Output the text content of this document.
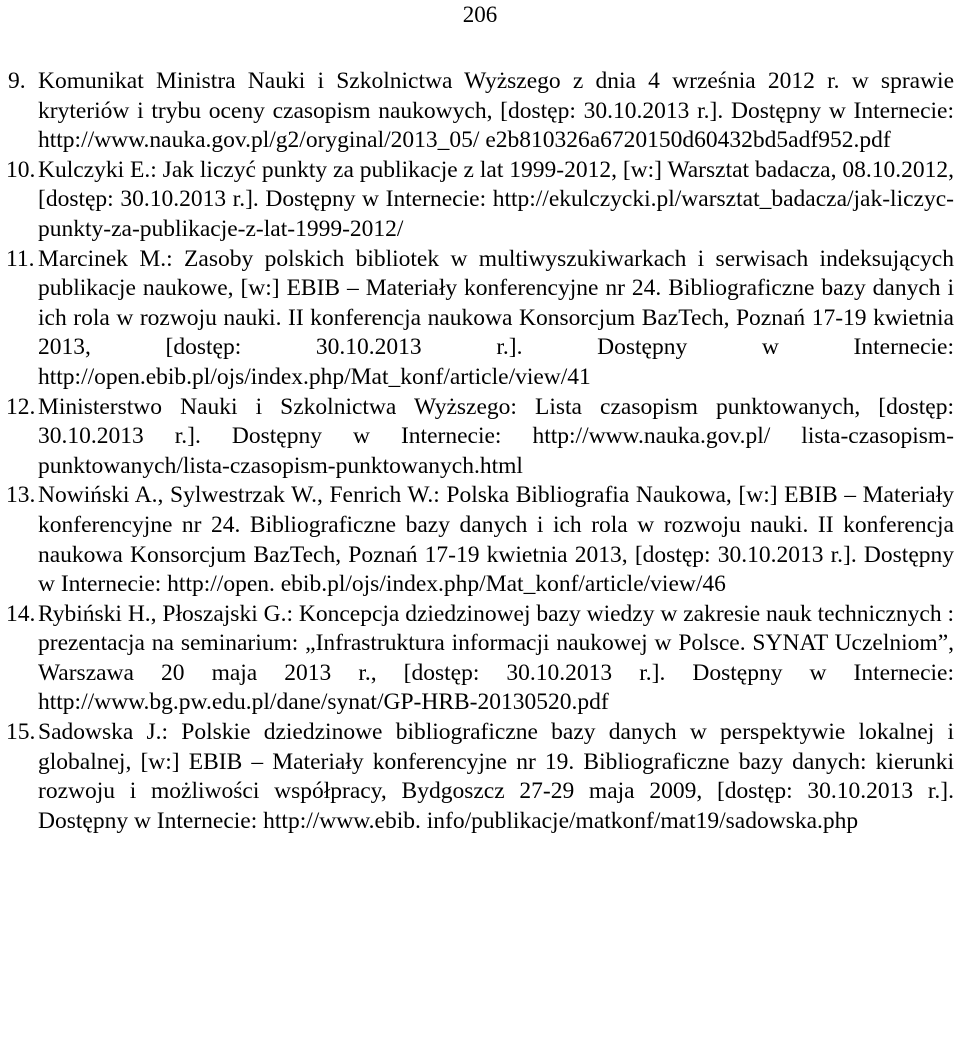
206
9. Komunikat Ministra Nauki i Szkolnictwa Wyższego z dnia 4 września 2012 r. w sprawie kryteriów i trybu oceny czasopism naukowych, [dostęp: 30.10.2013 r.]. Dostępny w Internecie: http://www.nauka.gov.pl/g2/oryginal/2013_05/ e2b810326a6720150d60432bd5adf952.pdf
10. Kulczyki E.: Jak liczyć punkty za publikacje z lat 1999-2012, [w:] Warsztat badacza, 08.10.2012, [dostęp: 30.10.2013 r.]. Dostępny w Internecie: http://ekulczycki.pl/warsztat_badacza/jak-liczyc-punkty-za-publikacje-z-lat-1999-2012/
11. Marcinek M.: Zasoby polskich bibliotek w multiwyszukiwarkach i serwisach indeksujących publikacje naukowe, [w:] EBIB – Materiały konferencyjne nr 24. Bibliograficzne bazy danych i ich rola w rozwoju nauki. II konferencja naukowa Konsorcjum BazTech, Poznań 17-19 kwietnia 2013, [dostęp: 30.10.2013 r.]. Dostępny w Internecie: http://open.ebib.pl/ojs/index.php/Mat_konf/article/view/41
12. Ministerstwo Nauki i Szkolnictwa Wyższego: Lista czasopism punktowanych, [dostęp: 30.10.2013 r.]. Dostępny w Internecie: http://www.nauka.gov.pl/ lista-czasopism-punktowanych/lista-czasopism-punktowanych.html
13. Nowiński A., Sylwestrzak W., Fenrich W.: Polska Bibliografia Naukowa, [w:] EBIB – Materiały konferencyjne nr 24. Bibliograficzne bazy danych i ich rola w rozwoju nauki. II konferencja naukowa Konsorcjum BazTech, Poznań 17-19 kwietnia 2013, [dostęp: 30.10.2013 r.]. Dostępny w Internecie: http://open. ebib.pl/ojs/index.php/Mat_konf/article/view/46
14. Rybiński H., Płoszajski G.: Koncepcja dziedzinowej bazy wiedzy w zakresie nauk technicznych : prezentacja na seminarium: „Infrastruktura informacji naukowej w Polsce. SYNAT Uczelniom”, Warszawa 20 maja 2013 r., [dostęp: 30.10.2013 r.]. Dostępny w Internecie: http://www.bg.pw.edu.pl/dane/synat/GP-HRB-20130520.pdf
15. Sadowska J.: Polskie dziedzinowe bibliograficzne bazy danych w perspektywie lokalnej i globalnej, [w:] EBIB – Materiały konferencyjne nr 19. Bibliograficzne bazy danych: kierunki rozwoju i możliwości współpracy, Bydgoszcz 27-29 maja 2009, [dostęp: 30.10.2013 r.]. Dostępny w Internecie: http://www.ebib. info/publikacje/matkonf/mat19/sadowska.php
